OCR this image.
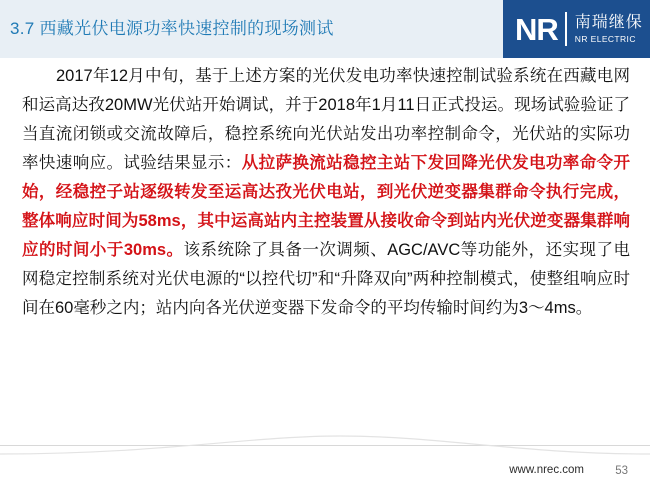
3.7 西藏光伏电源功率快速控制的现场测试	NR 南瑞继保
NR ELECTRIC

2017年12月中旬，基于上述方案的光伏发电功率快速控制试验系统在西藏电网和运高达孜20MW光伏站开始调试，并于2018年1月11日正式投运。现场试验验证了当直流闭锁或交流故障后，稳控系统向光伏站发出功率控制命令，光伏站的实际功率快速响应。试验结果显示：从拉萨换流站稳控主站下发回降光伏发电功率命令开始，经稳控子站逐级转发至运高达孜光伏电站，到光伏逆变器集群命令执行完成，整体响应时间为58ms，其中运高站内主控装置从接收命令到站内光伏逆变器集群响应的时间小于30ms。该系统除了具备一次调频、AGC/AVC等功能外，还实现了电网稳定控制系统对光伏电源的“以控代切”和“升降双向”两种控制模式，使整组响应时间在60毫秒之内；站内向各光伏逆变器下发命令的平均传输时间约为3～4ms。

www.nrec.com	53
